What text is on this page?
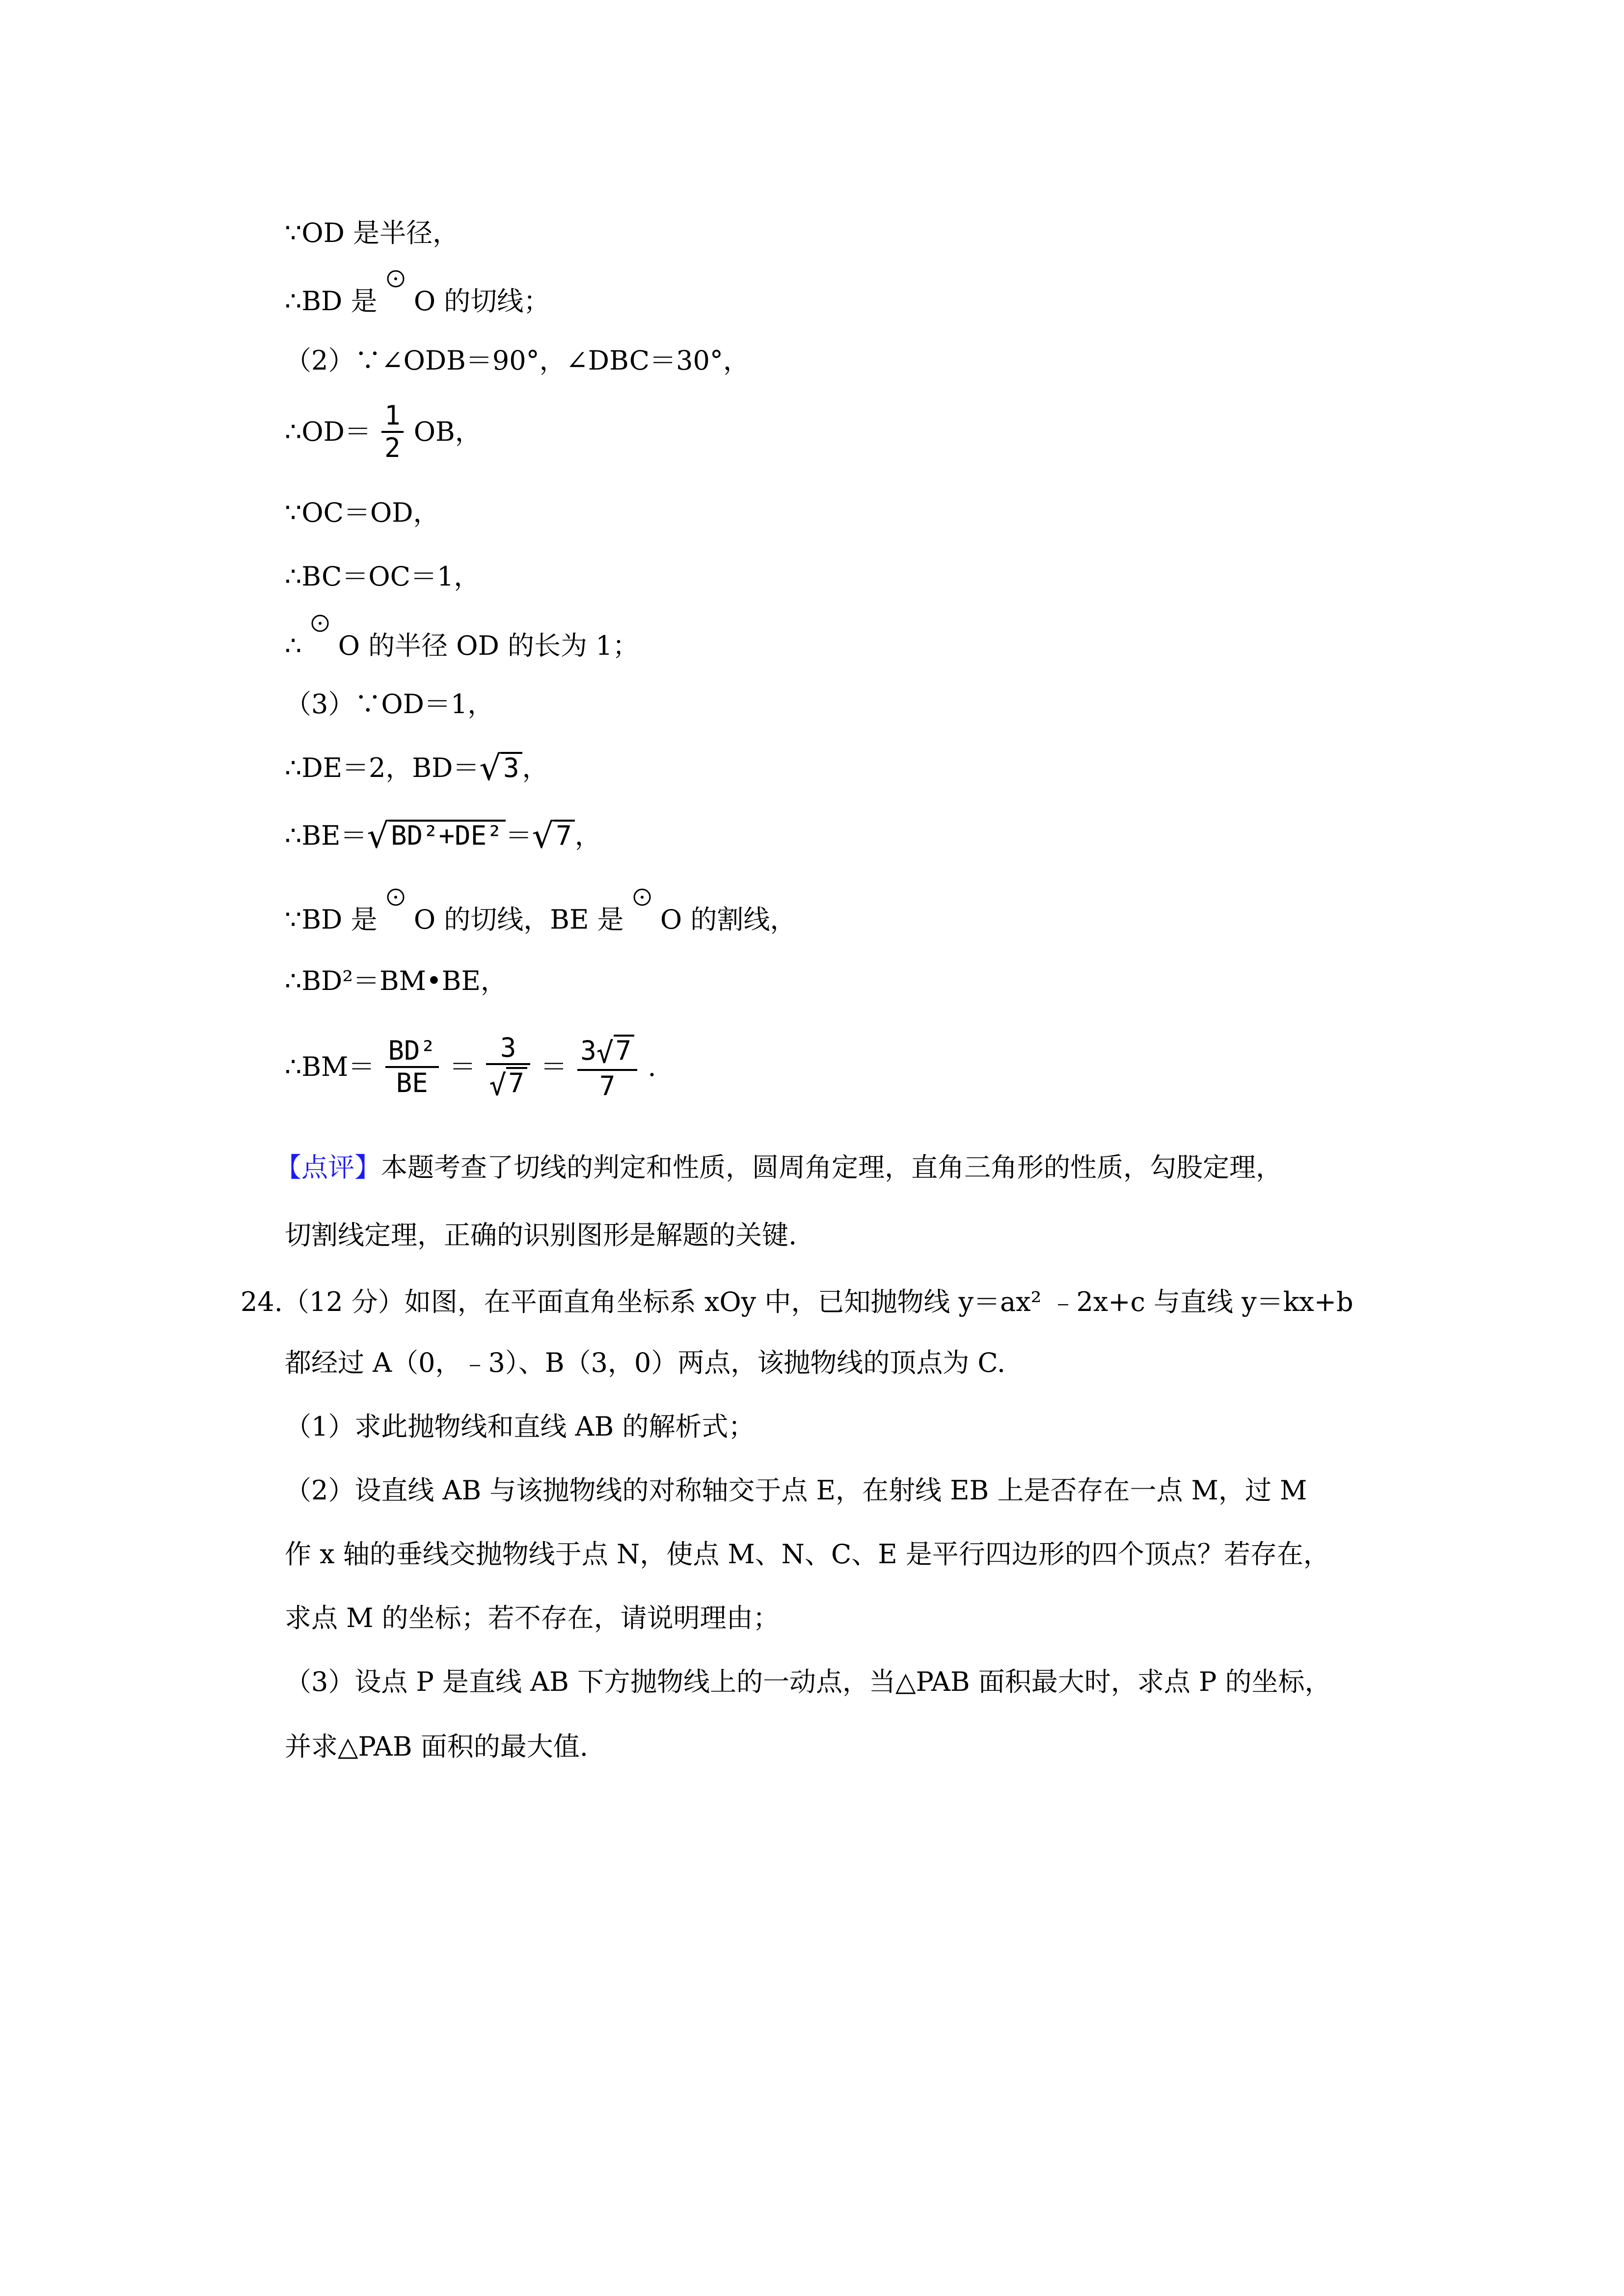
∵OD 是半径，
∴BD 是 O 的切线；
（2）∵∠ODB＝90°，∠DBC＝30°，
∴OD＝ $\frac{1}{2}$ OB，
∵OC＝OD，
∴BC＝OC＝1，
∴ O 的半径 OD 的长为 1；
（3）∵OD＝1，
∴DE＝2，BD＝√3 ，
∴BE＝√BD²+DE² ＝√7 ，
∵BD 是 O 的切线，BE 是 O 的割线，
∴BD²＝BM•BE，
∴BM＝ $\frac{\text{BD²}}{BE} = \frac{3}{√7} = \frac{3√7}{7}$ .
【点评】本题考查了切线的判定和性质，圆周角定理，直角三角形的性质，勾股定理，
切割线定理，正确的识别图形是解题的关键.
24.（12 分）如图，在平面直角坐标系 xOy 中，已知抛物线 y＝ax² ﹣2x+c 与直线 y＝kx+b
都经过 A（0，﹣3）、B（3，0）两点，该抛物线的顶点为 C.
（1）求此抛物线和直线 AB 的解析式；
（2）设直线 AB 与该抛物线的对称轴交于点 E，在射线 EB 上是否存在一点 M，过 M
作 x 轴的垂线交抛物线于点 N，使点 M、N、C、E 是平行四边形的四个顶点？若存在，
求点 M 的坐标；若不存在，请说明理由；
（3）设点 P 是直线 AB 下方抛物线上的一动点，当△PAB 面积最大时，求点 P 的坐标，
并求△PAB 面积的最大值.
